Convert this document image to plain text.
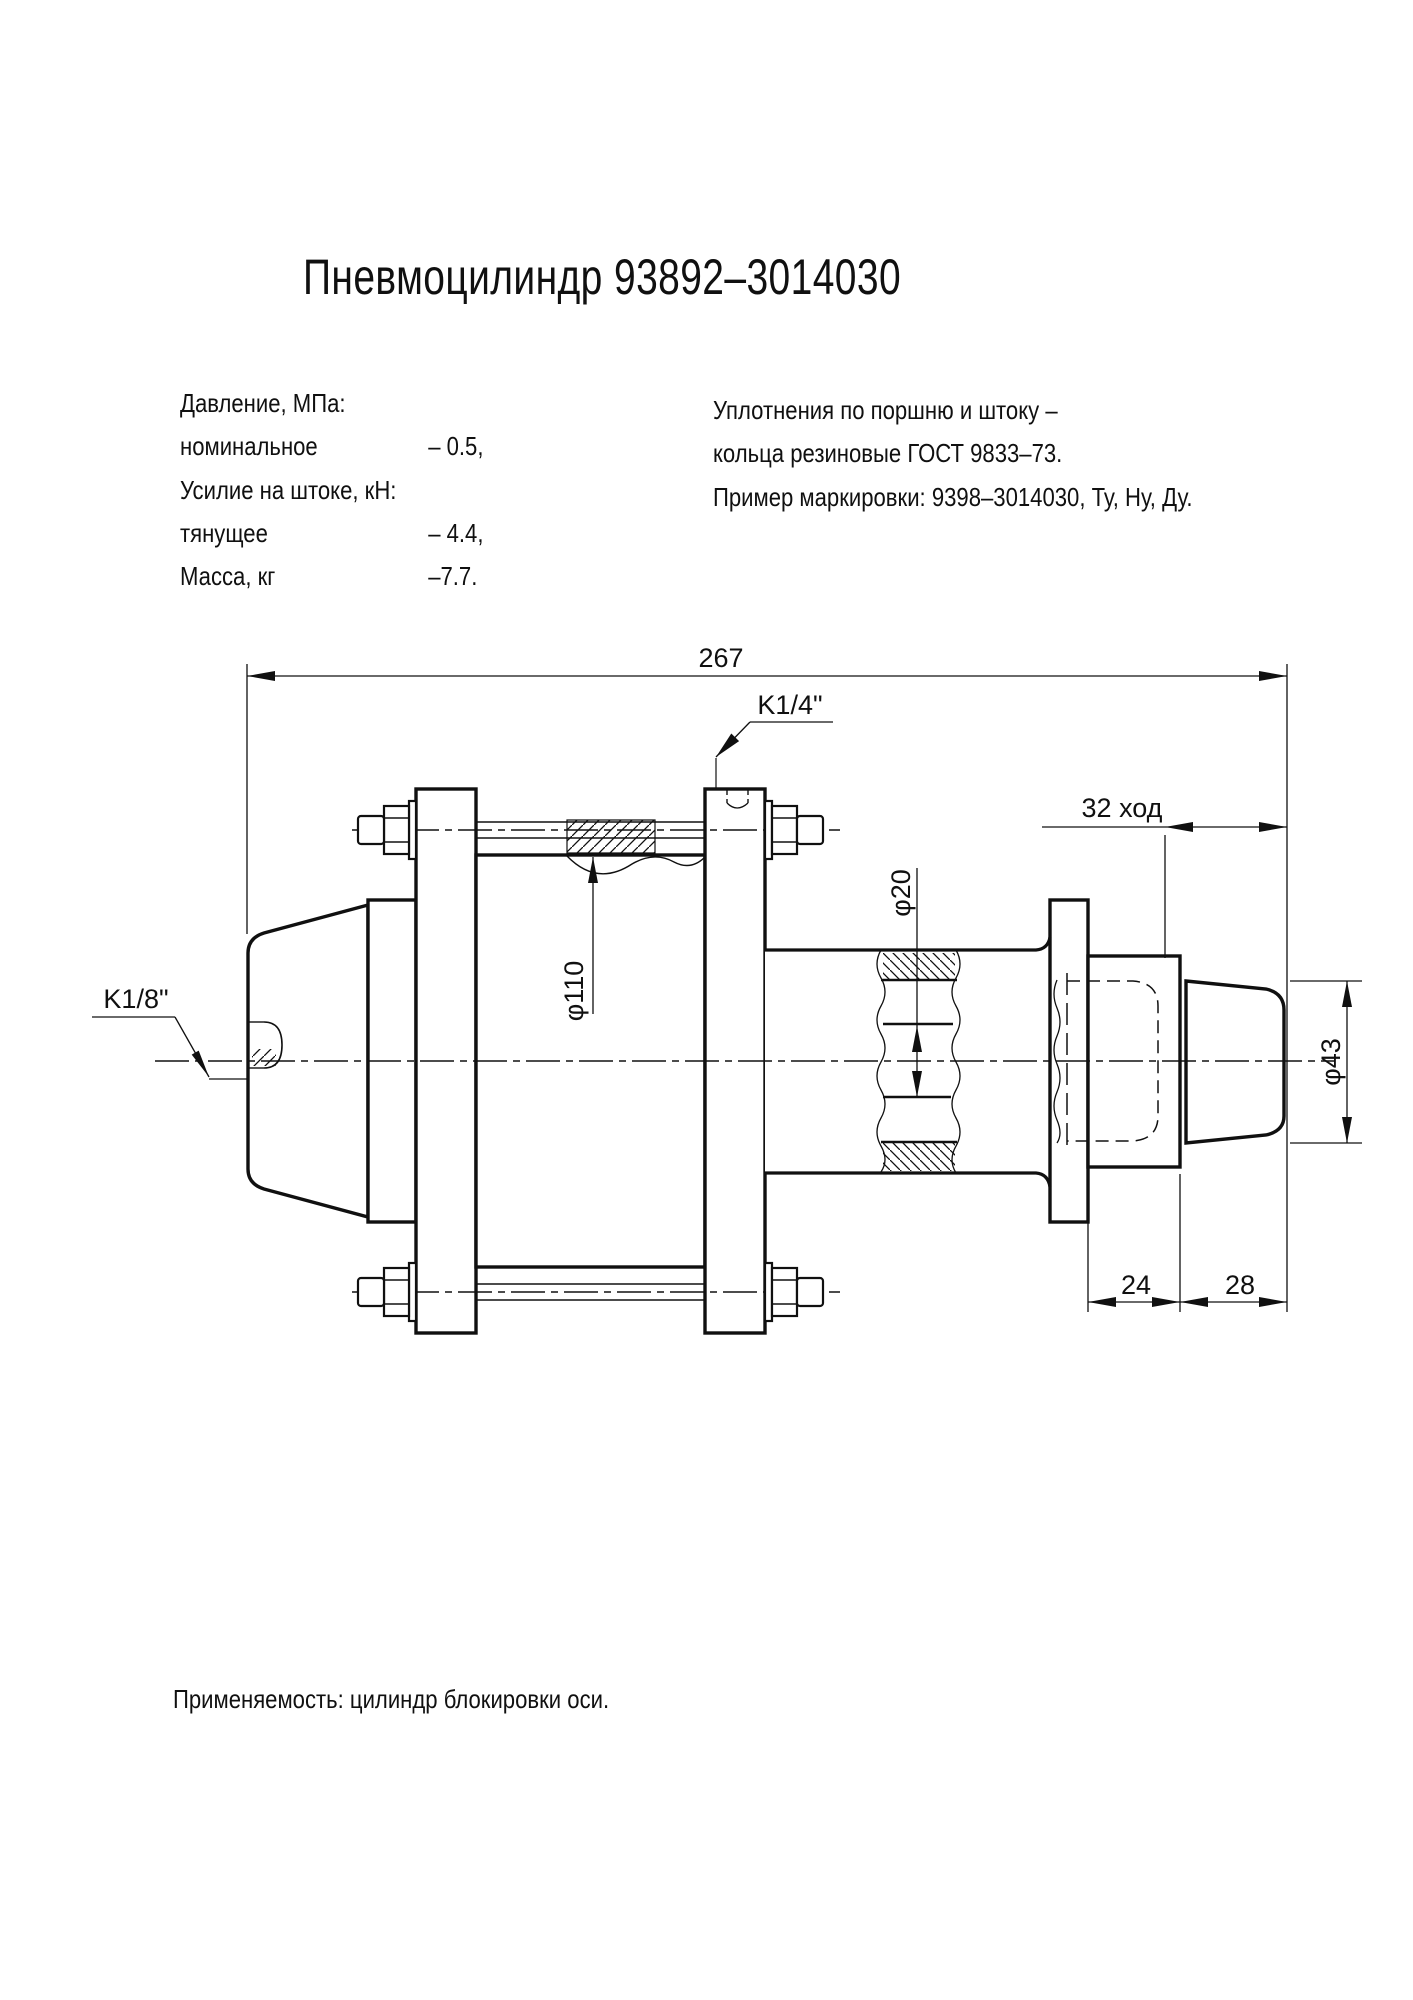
Пневмоцилиндр 93892–3014030
Давление, МПа:
номинальное	– 0.5,
Усилие на штоке, кН:
тянущее	– 4.4,
Масса, кг	–7.7.
Уплотнения по поршню и штоку –
кольца резиновые ГОСТ 9833–73.
Пример маркировки: 9398–3014030, Ту, Ну, Ду.
267
K1/4"
K1/8"
32 ход
24	28
φ110
φ20
φ43
Применяемость: цилиндр блокировки оси.
